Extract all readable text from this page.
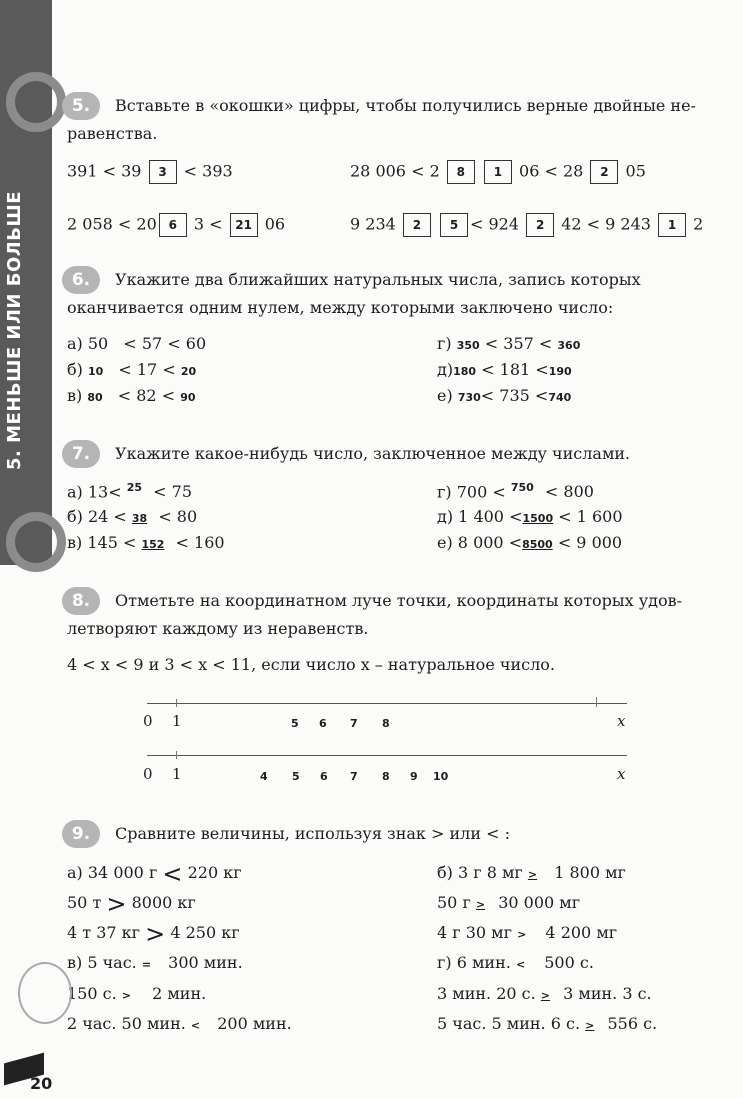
5. МЕНЬШЕ ИЛИ БОЛЬШЕ
5.	Вставьте в «окошки» цифры, чтобы получились верные двойные не-
равенства.
391 < 39 3 < 393	28 006 < 2 8 1 06 < 28 2 05
2 058 < 20 6 3 < 21 06	9 234 2 5 < 924 2 42 < 9 243 1 2
6.	Укажите два ближайших натуральных числа, запись которых
оканчивается одним нулем, между которыми заключено число:
а) 50 < 57 < 60
б) 10 < 17 < 20
в) 80 < 82 < 90
г) 350 < 357 < 360
д)180 < 181 <190
е) 730< 735 <740
7.	Укажите какое-нибудь число, заключенное между числами.
а) 13< 25 < 75
б) 24 < 38 < 80
в) 145 < 152 < 160
г) 700 < 750 < 800
д) 1 400 <1500 < 1 600
е) 8 000 <8500 < 9 000
8.	Отметьте на координатном луче точки, координаты которых удов-
летворяют каждому из неравенств.
4 < x < 9 и 3 < x < 11, если число x – натуральное число.
0 1	x
5 6 7 8
0 1	x
4 5 6 7 8 9 10
9.	Сравните величины, используя знак > или < :
а) 34 000 г < 220 кг
50 т > 8000 кг
4 т 37 кг > 4 250 кг
в) 5 час. = 300 мин.
150 с. > 2 мин.
2 час. 50 мин. < 200 мин.
б) 3 г 8 мг > 1 800 мг
50 г > 30 000 мг
4 г 30 мг > 4 200 мг
г) 6 мин. < 500 с.
3 мин. 20 с. > 3 мин. 3 с.
5 час. 5 мин. 6 с. > 556 с.
20
